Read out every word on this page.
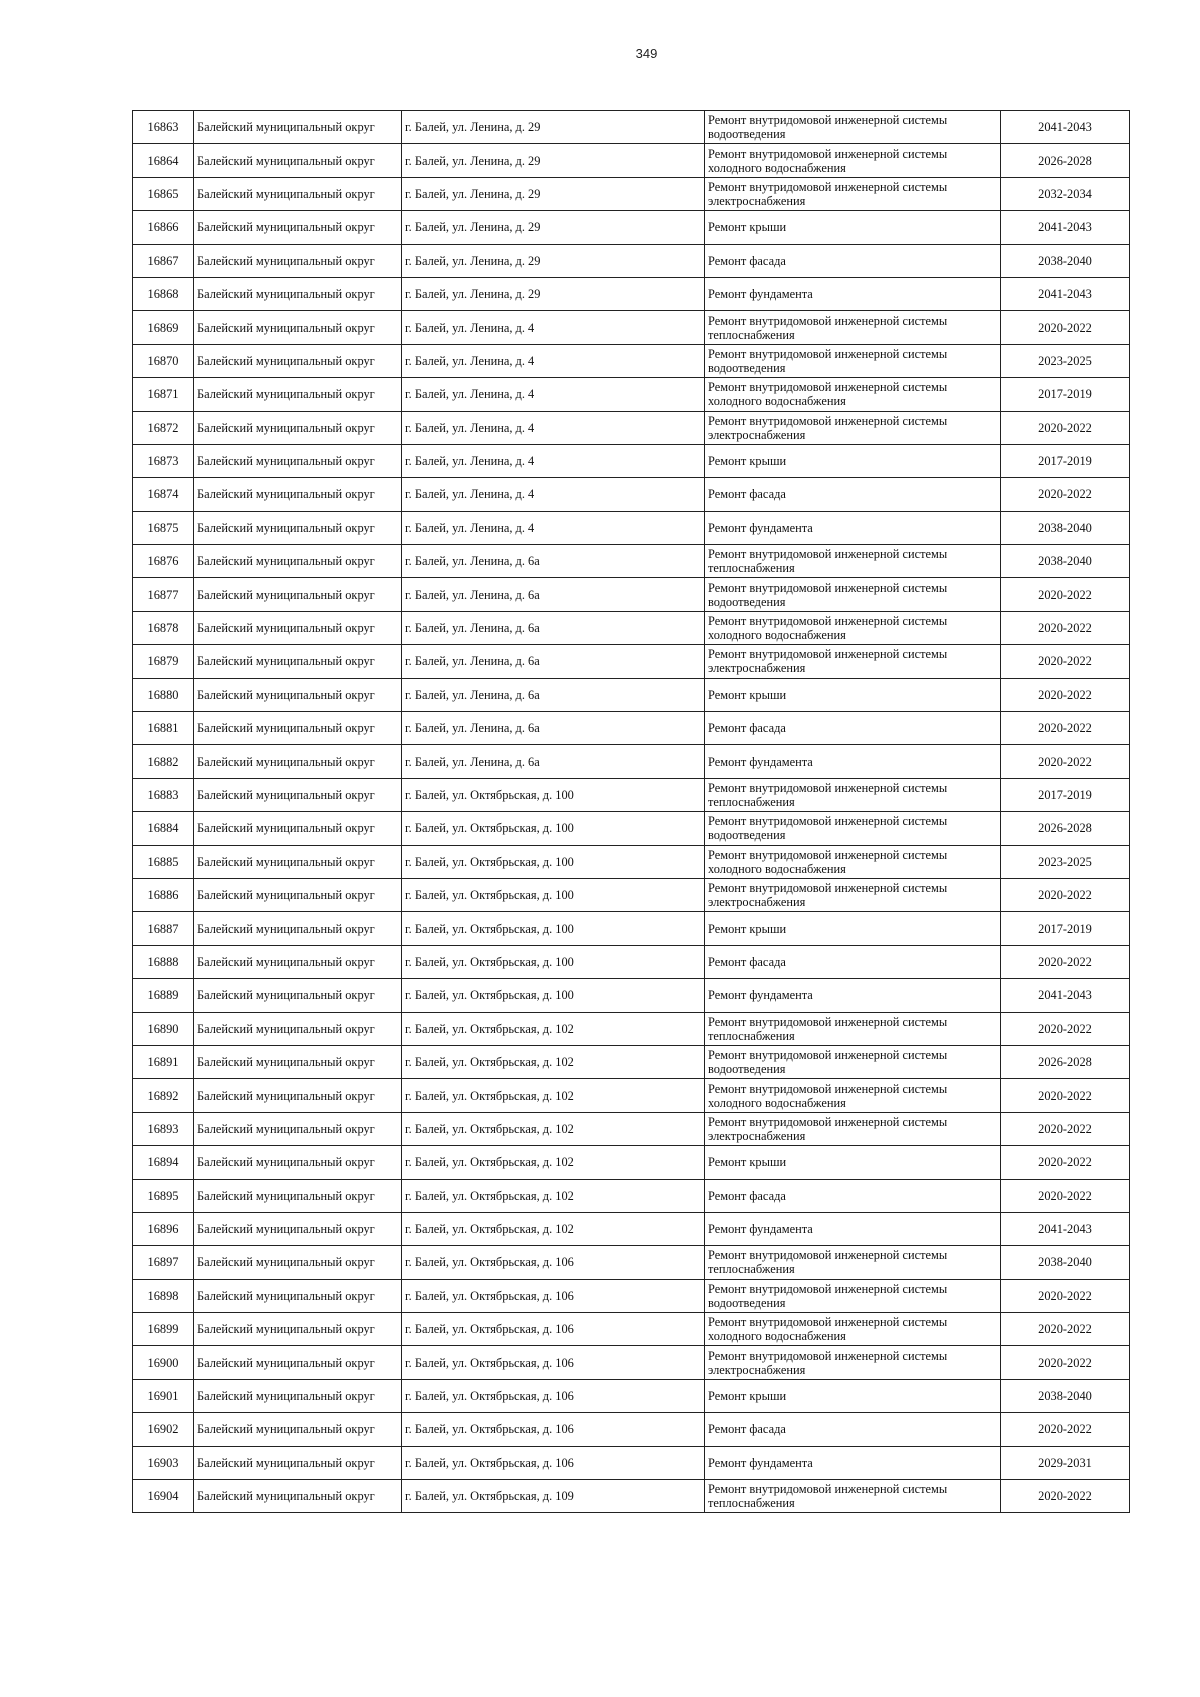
349
16863	Балейский муниципальный округ	г. Балей, ул. Ленина, д. 29	Ремонт внутридомовой инженерной системы водоотведения	2041-2043
16864	Балейский муниципальный округ	г. Балей, ул. Ленина, д. 29	Ремонт внутридомовой инженерной системы холодного водоснабжения	2026-2028
16865	Балейский муниципальный округ	г. Балей, ул. Ленина, д. 29	Ремонт внутридомовой инженерной системы электроснабжения	2032-2034
16866	Балейский муниципальный округ	г. Балей, ул. Ленина, д. 29	Ремонт крыши	2041-2043
16867	Балейский муниципальный округ	г. Балей, ул. Ленина, д. 29	Ремонт фасада	2038-2040
16868	Балейский муниципальный округ	г. Балей, ул. Ленина, д. 29	Ремонт фундамента	2041-2043
16869	Балейский муниципальный округ	г. Балей, ул. Ленина, д. 4	Ремонт внутридомовой инженерной системы теплоснабжения	2020-2022
16870	Балейский муниципальный округ	г. Балей, ул. Ленина, д. 4	Ремонт внутридомовой инженерной системы водоотведения	2023-2025
16871	Балейский муниципальный округ	г. Балей, ул. Ленина, д. 4	Ремонт внутридомовой инженерной системы холодного водоснабжения	2017-2019
16872	Балейский муниципальный округ	г. Балей, ул. Ленина, д. 4	Ремонт внутридомовой инженерной системы электроснабжения	2020-2022
16873	Балейский муниципальный округ	г. Балей, ул. Ленина, д. 4	Ремонт крыши	2017-2019
16874	Балейский муниципальный округ	г. Балей, ул. Ленина, д. 4	Ремонт фасада	2020-2022
16875	Балейский муниципальный округ	г. Балей, ул. Ленина, д. 4	Ремонт фундамента	2038-2040
16876	Балейский муниципальный округ	г. Балей, ул. Ленина, д. 6а	Ремонт внутридомовой инженерной системы теплоснабжения	2038-2040
16877	Балейский муниципальный округ	г. Балей, ул. Ленина, д. 6а	Ремонт внутридомовой инженерной системы водоотведения	2020-2022
16878	Балейский муниципальный округ	г. Балей, ул. Ленина, д. 6а	Ремонт внутридомовой инженерной системы холодного водоснабжения	2020-2022
16879	Балейский муниципальный округ	г. Балей, ул. Ленина, д. 6а	Ремонт внутридомовой инженерной системы электроснабжения	2020-2022
16880	Балейский муниципальный округ	г. Балей, ул. Ленина, д. 6а	Ремонт крыши	2020-2022
16881	Балейский муниципальный округ	г. Балей, ул. Ленина, д. 6а	Ремонт фасада	2020-2022
16882	Балейский муниципальный округ	г. Балей, ул. Ленина, д. 6а	Ремонт фундамента	2020-2022
16883	Балейский муниципальный округ	г. Балей, ул. Октябрьская, д. 100	Ремонт внутридомовой инженерной системы теплоснабжения	2017-2019
16884	Балейский муниципальный округ	г. Балей, ул. Октябрьская, д. 100	Ремонт внутридомовой инженерной системы водоотведения	2026-2028
16885	Балейский муниципальный округ	г. Балей, ул. Октябрьская, д. 100	Ремонт внутридомовой инженерной системы холодного водоснабжения	2023-2025
16886	Балейский муниципальный округ	г. Балей, ул. Октябрьская, д. 100	Ремонт внутридомовой инженерной системы электроснабжения	2020-2022
16887	Балейский муниципальный округ	г. Балей, ул. Октябрьская, д. 100	Ремонт крыши	2017-2019
16888	Балейский муниципальный округ	г. Балей, ул. Октябрьская, д. 100	Ремонт фасада	2020-2022
16889	Балейский муниципальный округ	г. Балей, ул. Октябрьская, д. 100	Ремонт фундамента	2041-2043
16890	Балейский муниципальный округ	г. Балей, ул. Октябрьская, д. 102	Ремонт внутридомовой инженерной системы теплоснабжения	2020-2022
16891	Балейский муниципальный округ	г. Балей, ул. Октябрьская, д. 102	Ремонт внутридомовой инженерной системы водоотведения	2026-2028
16892	Балейский муниципальный округ	г. Балей, ул. Октябрьская, д. 102	Ремонт внутридомовой инженерной системы холодного водоснабжения	2020-2022
16893	Балейский муниципальный округ	г. Балей, ул. Октябрьская, д. 102	Ремонт внутридомовой инженерной системы электроснабжения	2020-2022
16894	Балейский муниципальный округ	г. Балей, ул. Октябрьская, д. 102	Ремонт крыши	2020-2022
16895	Балейский муниципальный округ	г. Балей, ул. Октябрьская, д. 102	Ремонт фасада	2020-2022
16896	Балейский муниципальный округ	г. Балей, ул. Октябрьская, д. 102	Ремонт фундамента	2041-2043
16897	Балейский муниципальный округ	г. Балей, ул. Октябрьская, д. 106	Ремонт внутридомовой инженерной системы теплоснабжения	2038-2040
16898	Балейский муниципальный округ	г. Балей, ул. Октябрьская, д. 106	Ремонт внутридомовой инженерной системы водоотведения	2020-2022
16899	Балейский муниципальный округ	г. Балей, ул. Октябрьская, д. 106	Ремонт внутридомовой инженерной системы холодного водоснабжения	2020-2022
16900	Балейский муниципальный округ	г. Балей, ул. Октябрьская, д. 106	Ремонт внутридомовой инженерной системы электроснабжения	2020-2022
16901	Балейский муниципальный округ	г. Балей, ул. Октябрьская, д. 106	Ремонт крыши	2038-2040
16902	Балейский муниципальный округ	г. Балей, ул. Октябрьская, д. 106	Ремонт фасада	2020-2022
16903	Балейский муниципальный округ	г. Балей, ул. Октябрьская, д. 106	Ремонт фундамента	2029-2031
16904	Балейский муниципальный округ	г. Балей, ул. Октябрьская, д. 109	Ремонт внутридомовой инженерной системы теплоснабжения	2020-2022
